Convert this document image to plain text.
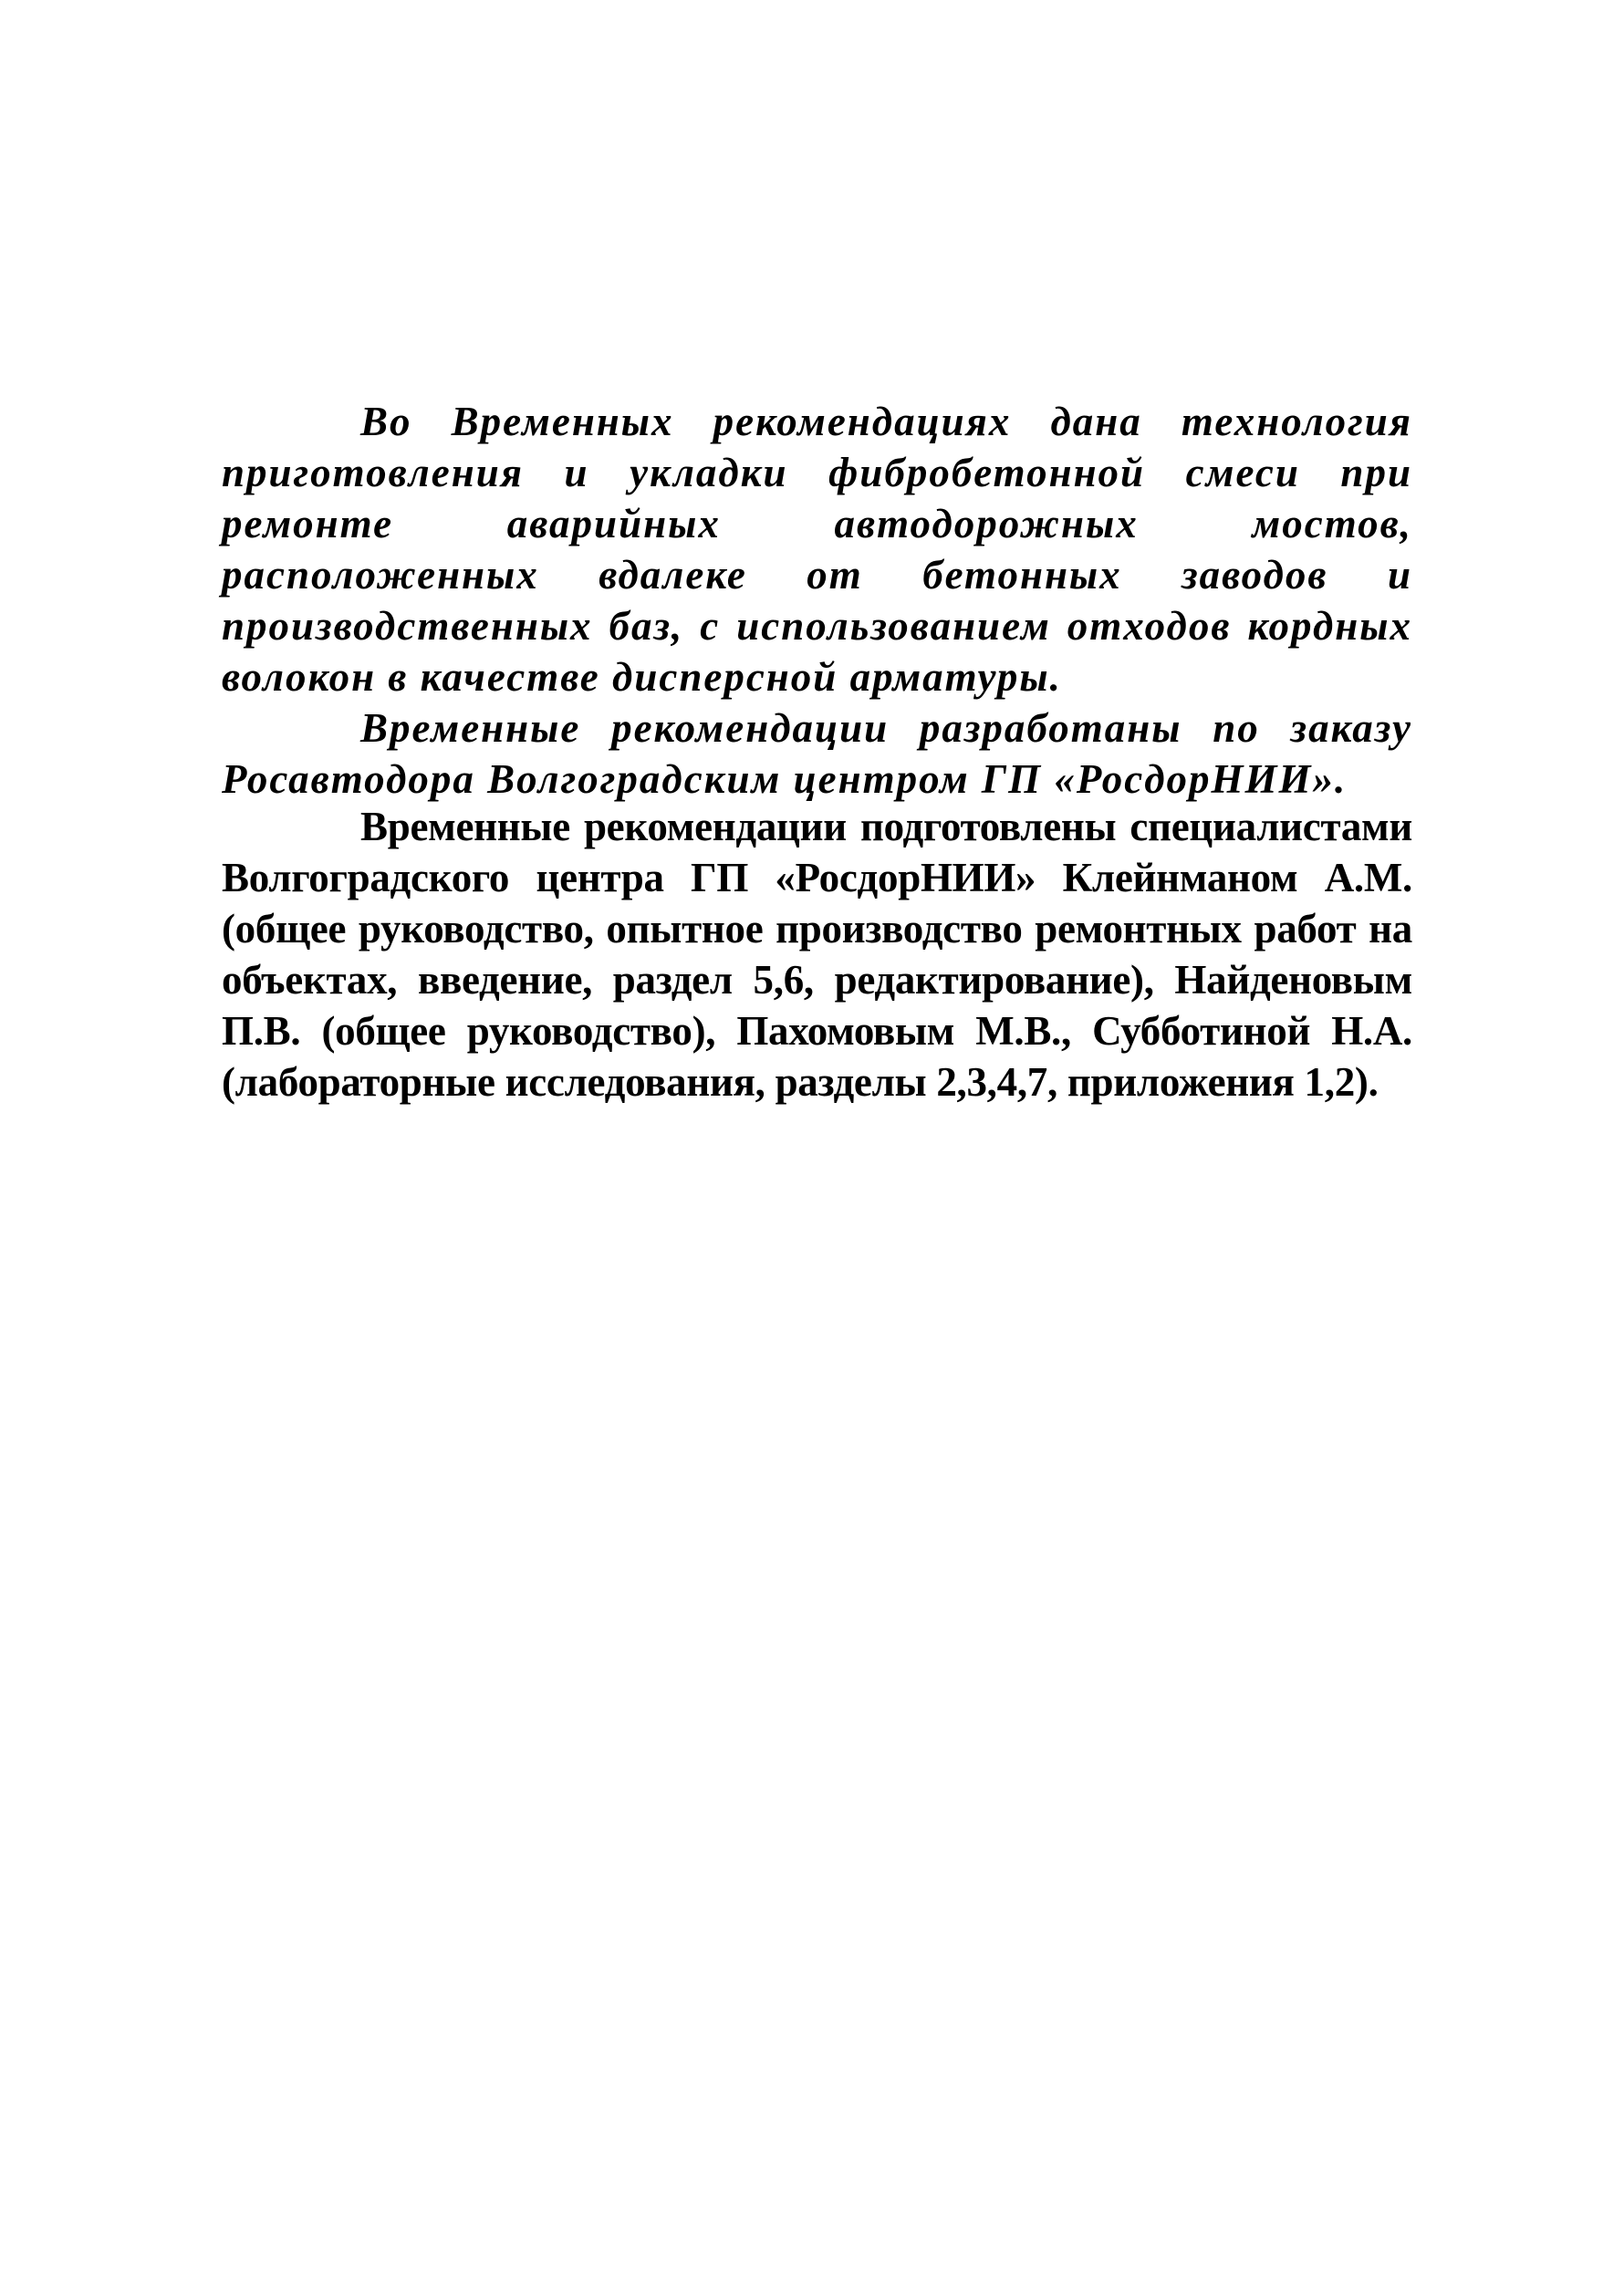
Во Временных рекомендациях дана технология приготовления и укладки фибробетонной смеси при ремонте аварийных автодорожных мостов, расположенных вдалеке от бетонных заводов и производственных баз, с использованием отходов кордных волокон в качестве дисперсной арматуры.

Временные рекомендации разработаны по заказу Росавтодора Волгоградским центром ГП «РосдорНИИ».

Временные рекомендации подготовлены специалистами Волгоградского центра ГП «РосдорНИИ» Клейнманом А.М. (общее руководство, опытное производство ремонтных работ на объектах, введение, раздел 5,6, редактирование), Найденовым П.В. (общее руководство), Пахомовым М.В., Субботиной Н.А. (лабораторные исследования, разделы 2,3,4,7, приложения 1,2).
